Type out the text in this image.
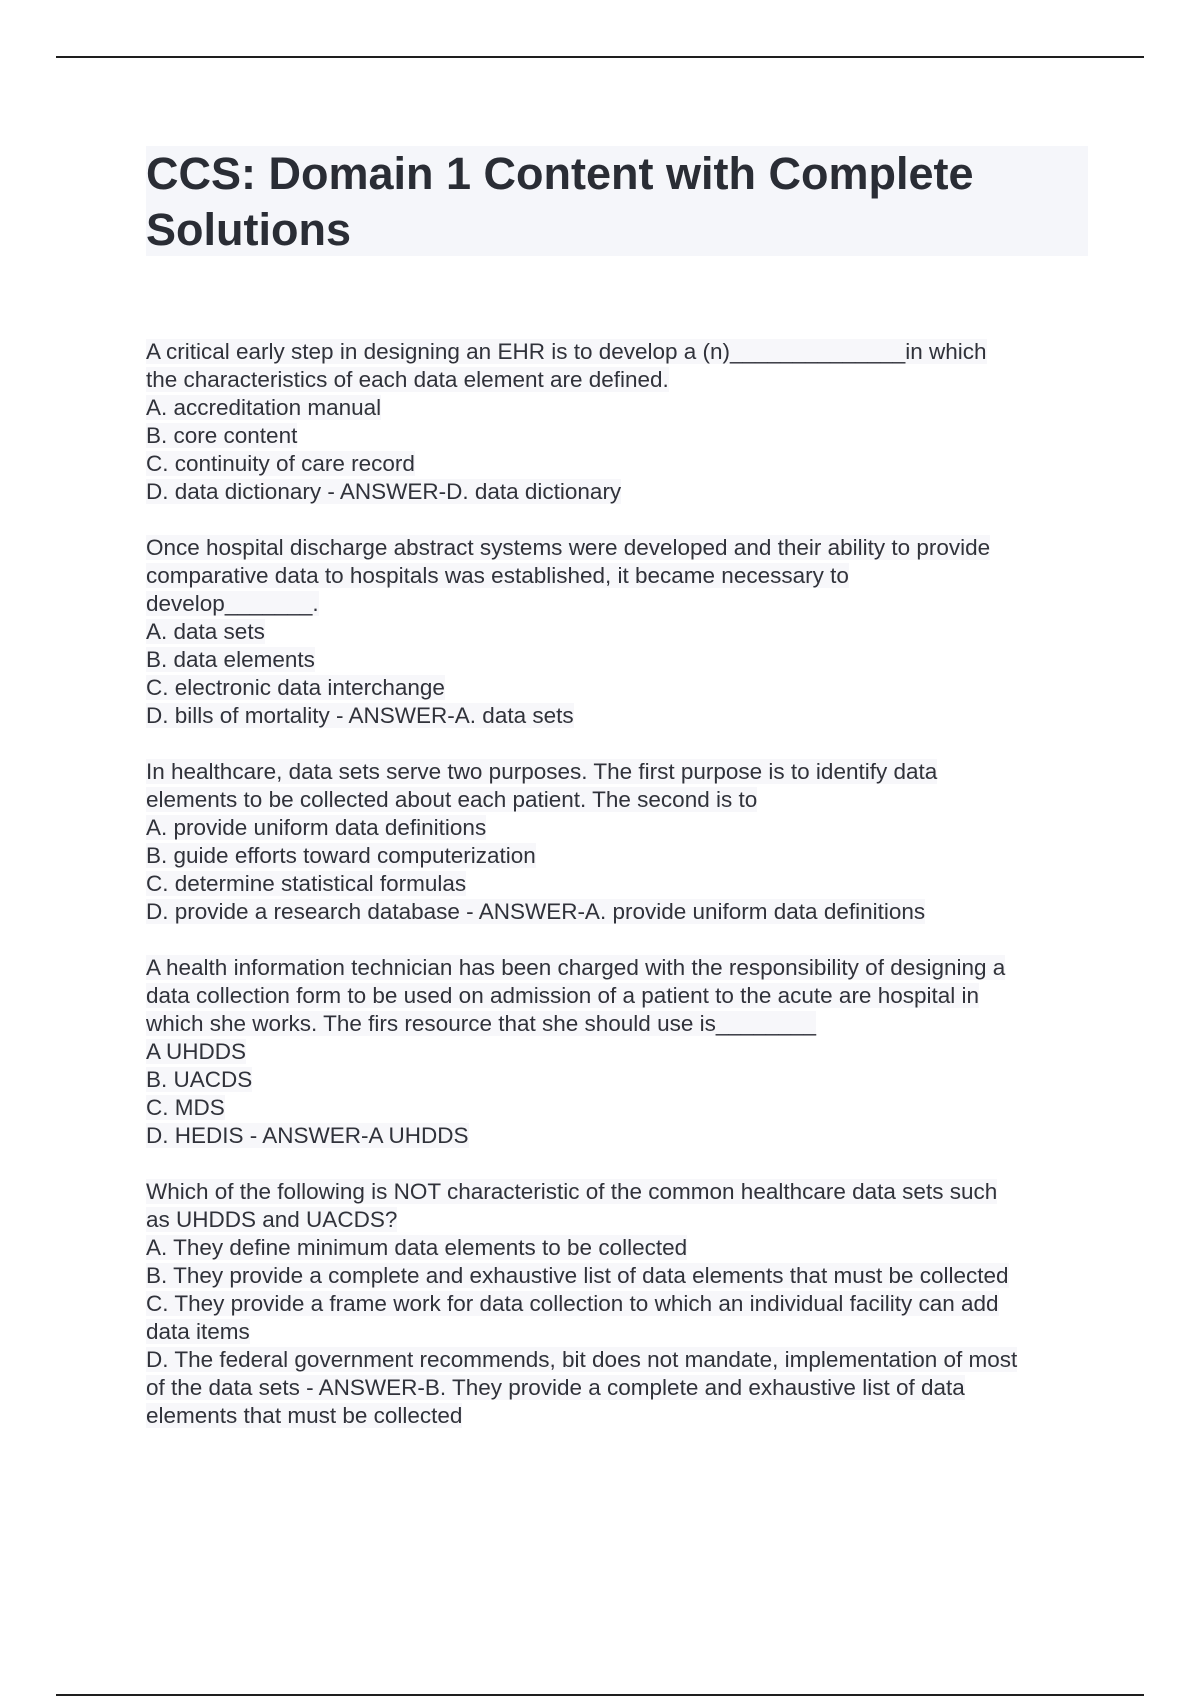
CCS: Domain 1 Content with Complete Solutions
A critical early step in designing an EHR is to develop a (n)______________in which
the characteristics of each data element are defined.
A. accreditation manual
B. core content
C. continuity of care record
D. data dictionary - ANSWER-D. data dictionary
Once hospital discharge abstract systems were developed and their ability to provide
comparative data to hospitals was established, it became necessary to
develop_______.
A. data sets
B. data elements
C. electronic data interchange
D. bills of mortality - ANSWER-A. data sets
In healthcare, data sets serve two purposes. The first purpose is to identify data
elements to be collected about each patient. The second is to
A. provide uniform data definitions
B. guide efforts toward computerization
C. determine statistical formulas
D. provide a research database - ANSWER-A. provide uniform data definitions
A health information technician has been charged with the responsibility of designing a
data collection form to be used on admission of a patient to the acute are hospital in
which she works. The firs resource that she should use is________
A UHDDS
B. UACDS
C. MDS
D. HEDIS - ANSWER-A UHDDS
Which of the following is NOT characteristic of the common healthcare data sets such
as UHDDS and UACDS?
A. They define minimum data elements to be collected
B. They provide a complete and exhaustive list of data elements that must be collected
C. They provide a frame work for data collection to which an individual facility can add
data items
D. The federal government recommends, bit does not mandate, implementation of most
of the data sets - ANSWER-B. They provide a complete and exhaustive list of data
elements that must be collected
